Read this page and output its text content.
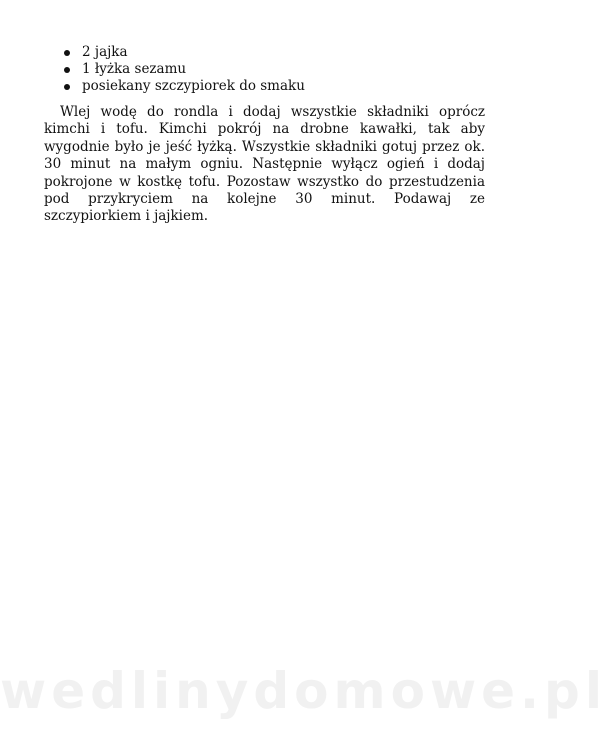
2 jajka
1 łyżka sezamu
posiekany szczypiorek do smaku

Wlej wodę do rondla i dodaj wszystkie składniki oprócz kimchi i tofu. Kimchi pokrój na drobne kawałki, tak aby wygodnie było je jeść łyżką. Wszystkie składniki gotuj przez ok. 30 minut na małym ogniu. Następnie wyłącz ogień i dodaj pokrojone w kostkę tofu. Pozostaw wszystko do przestudzenia pod przykryciem na kolejne 30 minut. Podawaj ze szczypiorkiem i jajkiem.

wedlinydomowe.pl
